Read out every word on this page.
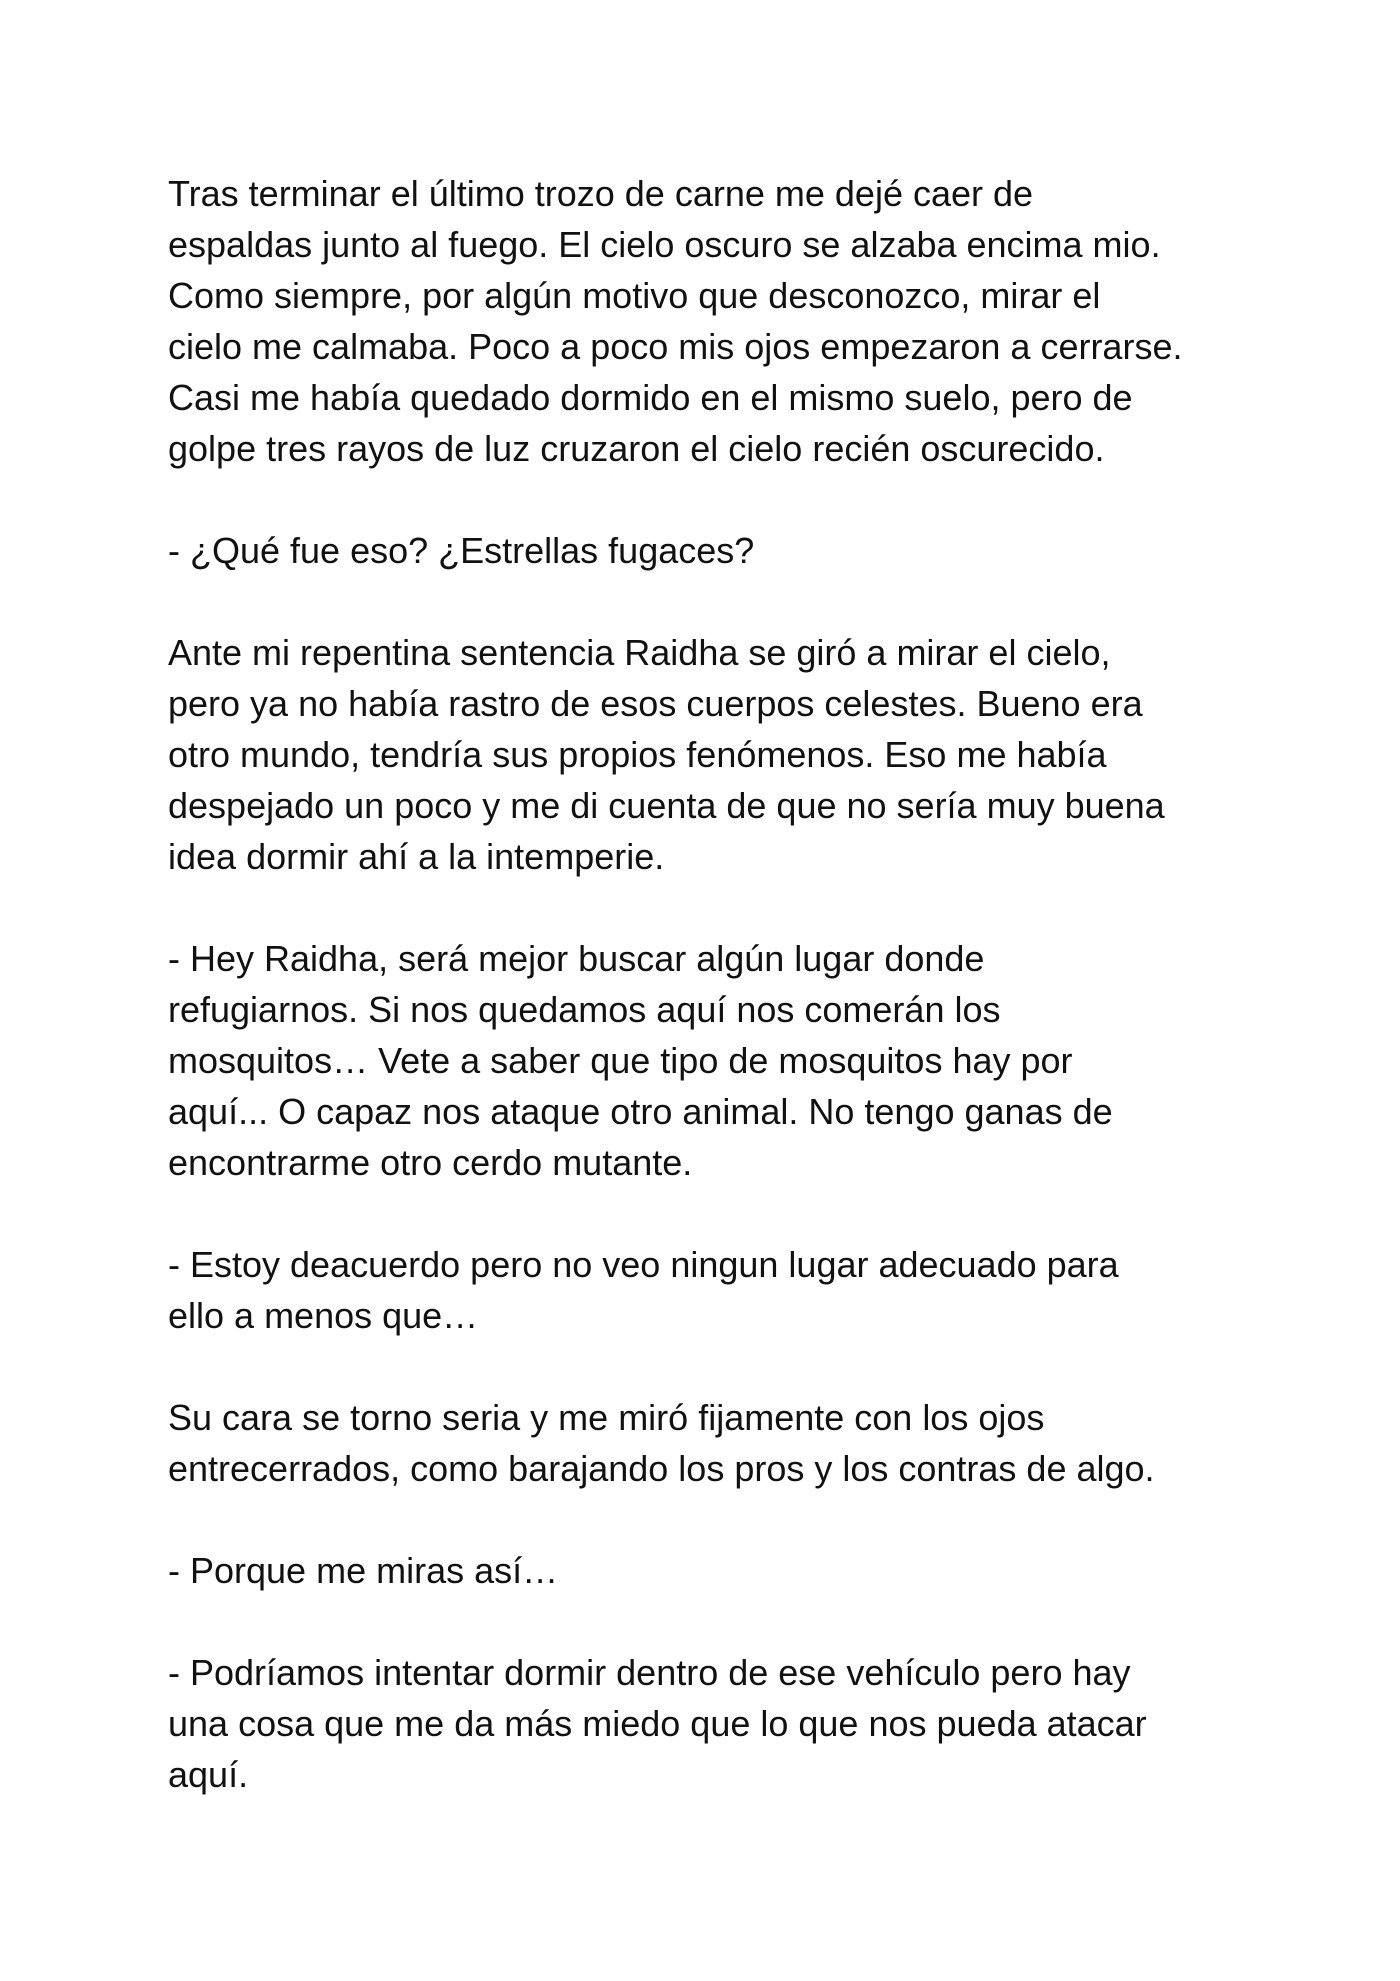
Tras terminar el último trozo de carne me dejé caer de
espaldas junto al fuego. El cielo oscuro se alzaba encima mio.
Como siempre, por algún motivo que desconozco, mirar el
cielo me calmaba. Poco a poco mis ojos empezaron a cerrarse.
Casi me había quedado dormido en el mismo suelo, pero de
golpe tres rayos de luz cruzaron el cielo recién oscurecido.

- ¿Qué fue eso? ¿Estrellas fugaces?

Ante mi repentina sentencia Raidha se giró a mirar el cielo,
pero ya no había rastro de esos cuerpos celestes. Bueno era
otro mundo, tendría sus propios fenómenos. Eso me había
despejado un poco y me di cuenta de que no sería muy buena
idea dormir ahí a la intemperie.

- Hey Raidha, será mejor buscar algún lugar donde
refugiarnos. Si nos quedamos aquí nos comerán los
mosquitos… Vete a saber que tipo de mosquitos hay por
aquí... O capaz nos ataque otro animal. No tengo ganas de
encontrarme otro cerdo mutante.

- Estoy deacuerdo pero no veo ningun lugar adecuado para
ello a menos que…

Su cara se torno seria y me miró fijamente con los ojos
entrecerrados, como barajando los pros y los contras de algo.

- Porque me miras así…

- Podríamos intentar dormir dentro de ese vehículo pero hay
una cosa que me da más miedo que lo que nos pueda atacar
aquí.
